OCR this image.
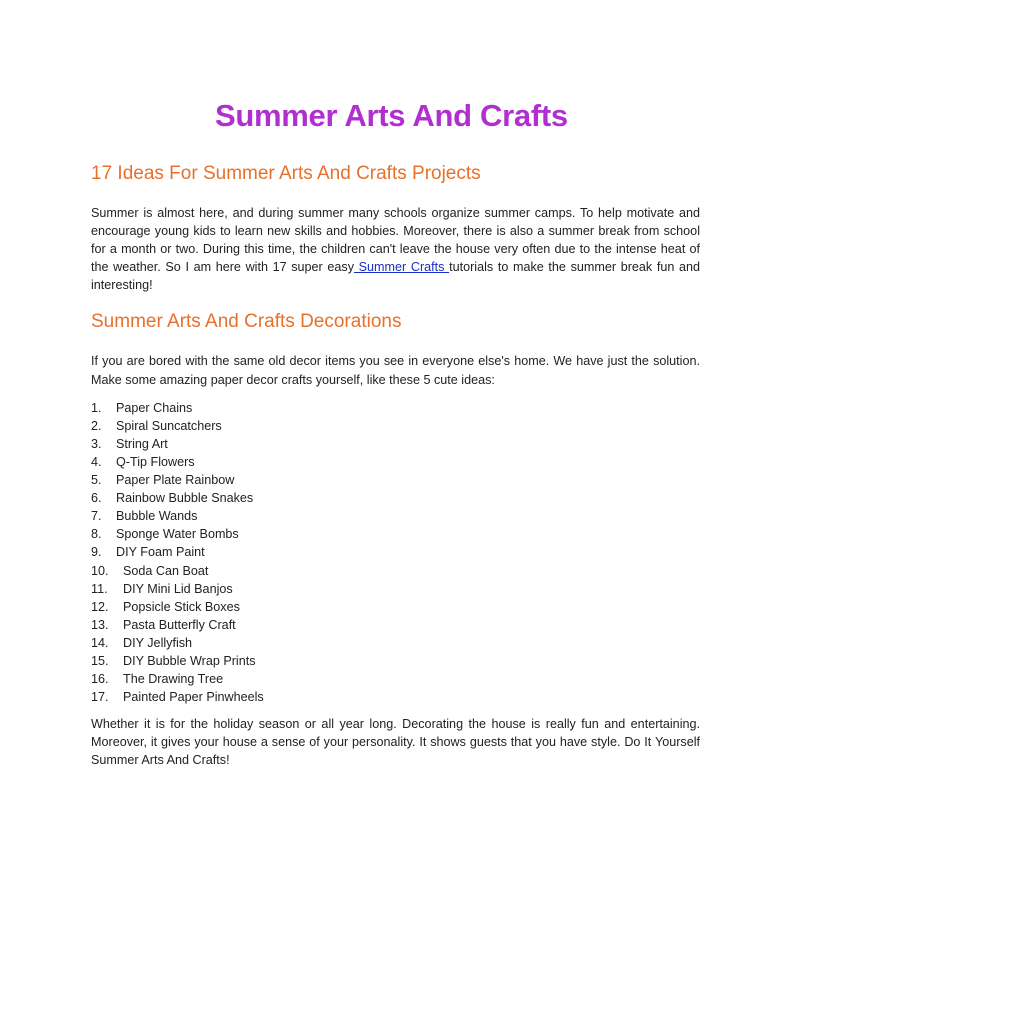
Summer Arts And Crafts
17 Ideas For Summer Arts And Crafts Projects

Summer is almost here, and during summer many schools organize summer camps. To help motivate and encourage young kids to learn new skills and hobbies. Moreover, there is also a summer break from school for a month or two. During this time, the children can't leave the house very often due to the intense heat of the weather. So I am here with 17 super easy Summer Crafts tutorials to make the summer break fun and interesting!

Summer Arts And Crafts Decorations

If you are bored with the same old decor items you see in everyone else's home. We have just the solution. Make some amazing paper decor crafts yourself, like these 5 cute ideas:

1. Paper Chains
2. Spiral Suncatchers
3. String Art
4. Q-Tip Flowers
5. Paper Plate Rainbow
6. Rainbow Bubble Snakes
7. Bubble Wands
8. Sponge Water Bombs
9. DIY Foam Paint
10. Soda Can Boat
11. DIY Mini Lid Banjos
12. Popsicle Stick Boxes
13. Pasta Butterfly Craft
14. DIY Jellyfish
15. DIY Bubble Wrap Prints
16. The Drawing Tree
17. Painted Paper Pinwheels

Whether it is for the holiday season or all year long. Decorating the house is really fun and entertaining. Moreover, it gives your house a sense of your personality. It shows guests that you have style. Do It Yourself Summer Arts And Crafts!
